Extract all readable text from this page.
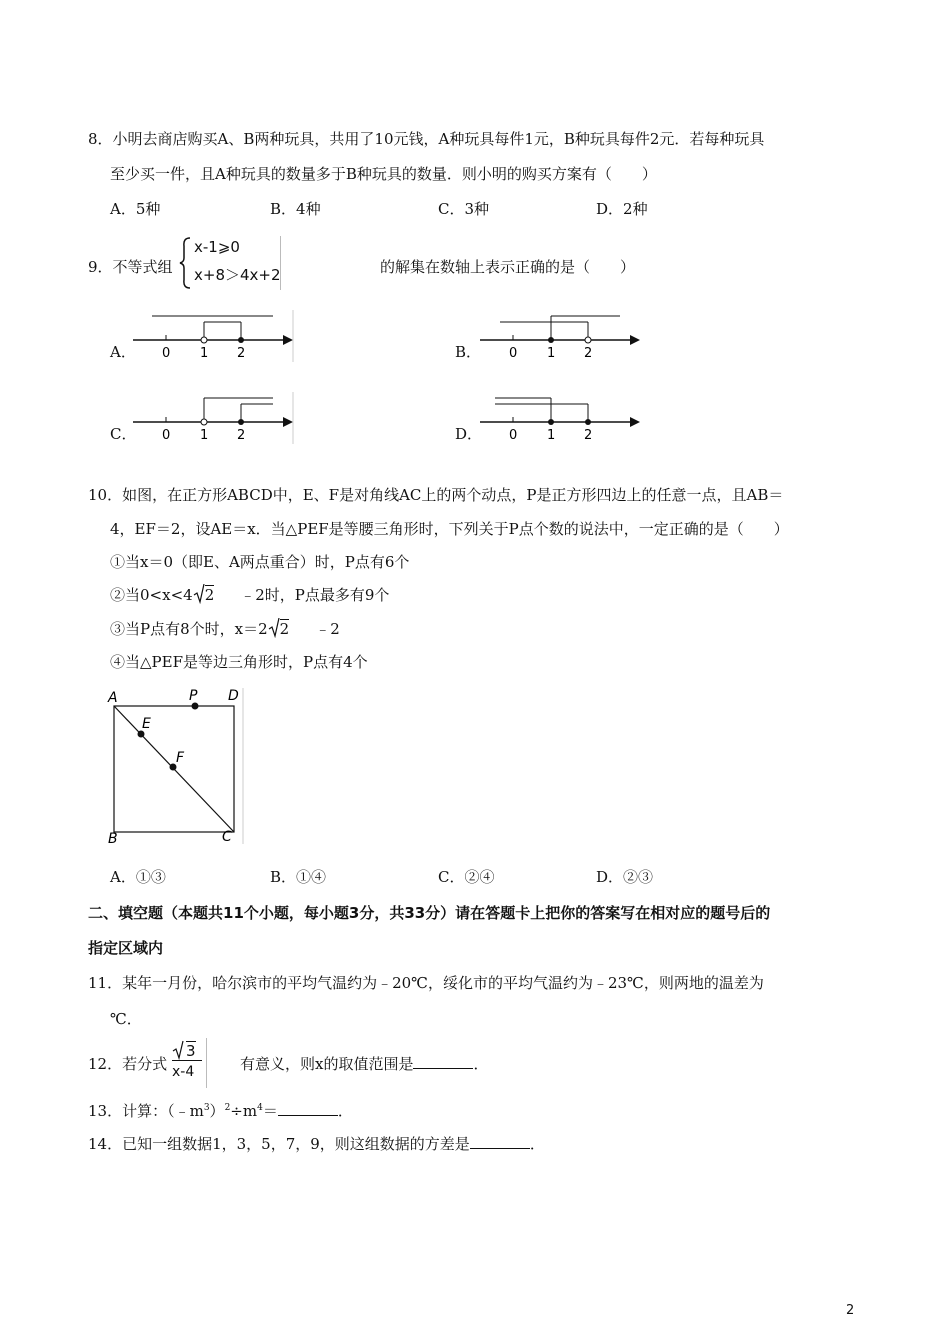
8．小明去商店购买A、B两种玩具，共用了10元钱，A种玩具每件1元，B种玩具每件2元．若每种玩具
至少买一件，且A种玩具的数量多于B种玩具的数量．则小明的购买方案有（　　）
A．5种	B．4种	C．3种	D．2种
9．不等式组
x-1⩾0
x+8＞4x+2	的解集在数轴上表示正确的是（　　）
A．	B．
C．	D．
0 1 2	0 1 2
0 1 2	0 1 2
10．如图，在正方形ABCD中，E、F是对角线AC上的两个动点，P是正方形四边上的任意一点，且AB＝
4，EF＝2，设AE＝x．当△PEF是等腰三角形时，下列关于P点个数的说法中，一定正确的是（　　）
①当x＝0（即E、A两点重合）时，P点有6个
②当0<x<4 2 ﹣2时，P点最多有9个
③当P点有8个时，x＝2 2 ﹣2
④当△PEF是等边三角形时，P点有4个
A	P D
E
F
B	C
A．①③	B．①④	C．②④	D．②③
二、填空题（本题共11个小题，每小题3分，共33分）请在答题卡上把你的答案写在相对应的题号后的
指定区域内
11．某年一月份，哈尔滨市的平均气温约为﹣20℃，绥化市的平均气温约为﹣23℃，则两地的温差为
℃．
12．若分式
3
x-4	有意义，则x的取值范围是	．
13．计算：$(﹣m^3)^2\div m^4=$	．
14．已知一组数据1，3，5，7，9，则这组数据的方差是	．
2
